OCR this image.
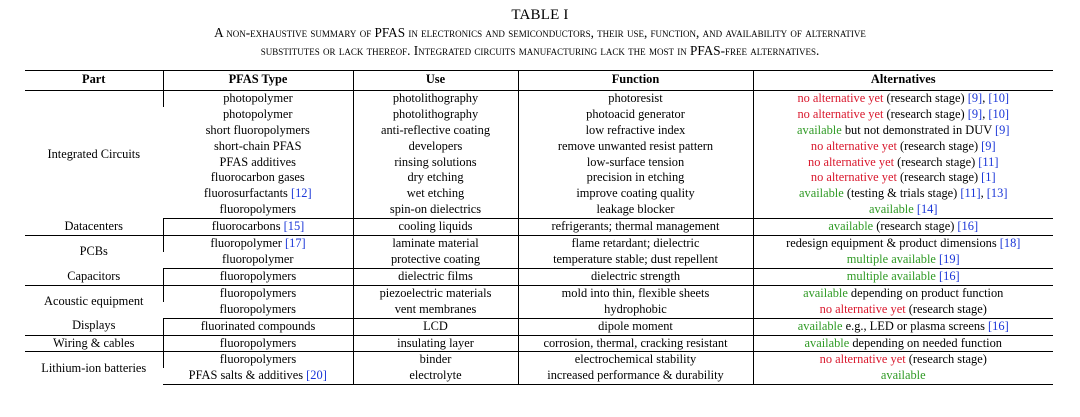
TABLE I
A non-exhaustive summary of PFAS in electronics and semiconductors, their use, function, and availability of alternative
substitutes or lack thereof. Integrated circuits manufacturing lack the most in PFAS-free alternatives.
Part	PFAS Type	Use	Function	Alternatives
Integrated Circuits	photopolymer	photolithography	photoresist	no alternative yet (research stage) [9], [10]
	photopolymer	photolithography	photoacid generator	no alternative yet (research stage) [9], [10]
	short fluoropolymers	anti-reflective coating	low refractive index	available but not demonstrated in DUV [9]
	short-chain PFAS	developers	remove unwanted resist pattern	no alternative yet (research stage) [9]
	PFAS additives	rinsing solutions	low-surface tension	no alternative yet (research stage) [11]
	fluorocarbon gases	dry etching	precision in etching	no alternative yet (research stage) [1]
	fluorosurfactants [12]	wet etching	improve coating quality	available (testing & trials stage) [11], [13]
	fluoropolymers	spin-on dielectrics	leakage blocker	available [14]
Datacenters	fluorocarbons [15]	cooling liquids	refrigerants; thermal management	available (research stage) [16]
PCBs	fluoropolymer [17]	laminate material	flame retardant; dielectric	redesign equipment & product dimensions [18]
	fluoropolymer	protective coating	temperature stable; dust repellent	multiple available [19]
Capacitors	fluoropolymers	dielectric films	dielectric strength	multiple available [16]
Acoustic equipment	fluoropolymers	piezoelectric materials	mold into thin, flexible sheets	available depending on product function
	fluoropolymers	vent membranes	hydrophobic	no alternative yet (research stage)
Displays	fluorinated compounds	LCD	dipole moment	available e.g., LED or plasma screens [16]
Wiring & cables	fluoropolymers	insulating layer	corrosion, thermal, cracking resistant	available depending on needed function
Lithium-ion batteries	fluoropolymers	binder	electrochemical stability	no alternative yet (research stage)
	PFAS salts & additives [20]	electrolyte	increased performance & durability	available
